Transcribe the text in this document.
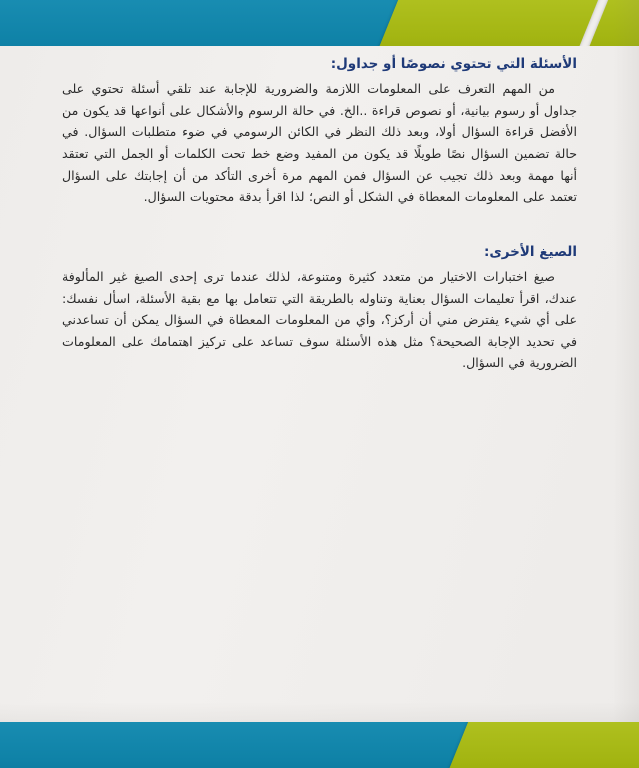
الأسئلة التي تحتوي نصوصًا أو جداول:

من المهم التعرف على المعلومات اللازمة والضرورية للإجابة عند تلقي أسئلة تحتوي على جداول أو رسوم بيانية، أو نصوص قراءة ..الخ. في حالة الرسوم والأشكال على أنواعها قد يكون من الأفضل قراءة السؤال أولا، وبعد ذلك النظر في الكائن الرسومي في ضوء متطلبات السؤال. في حالة تضمين السؤال نصًا طويلًا قد يكون من المفيد وضع خط تحت الكلمات أو الجمل التي تعتقد أنها مهمة وبعد ذلك تجيب عن السؤال فمن المهم مرة أخرى التأكد من أن إجابتك على السؤال تعتمد على المعلومات المعطاة في الشكل أو النص؛ لذا اقرأ بدقة محتويات السؤال.

الصيغ الأخرى:

صيغ اختبارات الاختيار من متعدد كثيرة ومتنوعة، لذلك عندما ترى إحدى الصيغ غير المألوفة عندك، اقرأ تعليمات السؤال بعناية وتناوله بالطريقة التي تتعامل بها مع بقية الأسئلة، اسأل نفسك: على أي شيء يفترض مني أن أركز؟، وأي من المعلومات المعطاة في السؤال يمكن أن تساعدني في تحديد الإجابة الصحيحة؟ مثل هذه الأسئلة سوف تساعد على تركيز اهتمامك على المعلومات الضرورية في السؤال.
